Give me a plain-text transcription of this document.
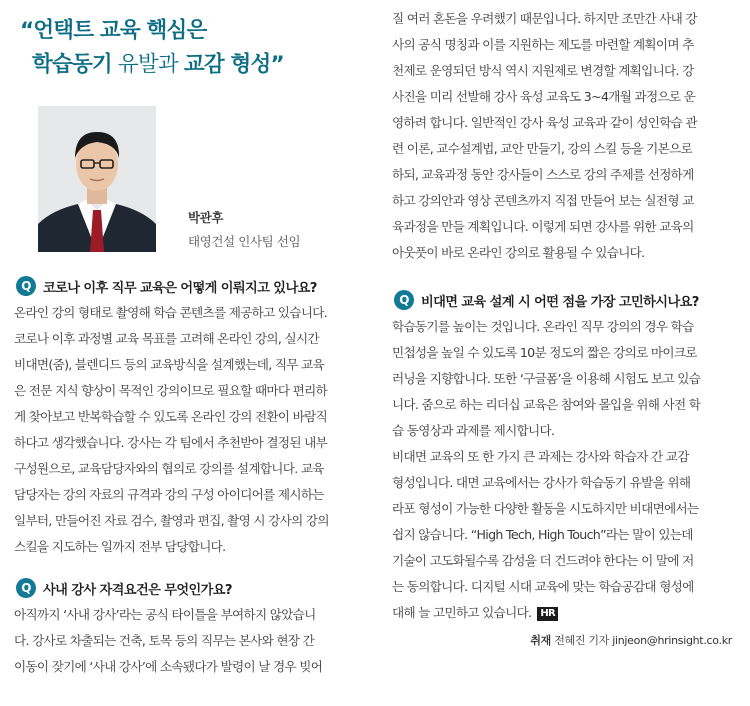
“언택트 교육 핵심은
학습동기 유발과 교감 형성”
박관후
태영건설 인사팀 선임
Q 코로나 이후 직무 교육은 어떻게 이뤄지고 있나요?
온라인 강의 형태로 촬영해 학습 콘텐츠를 제공하고 있습니다.
코로나 이후 과정별 교육 목표를 고려해 온라인 강의, 실시간
비대면(줌), 블렌디드 등의 교육방식을 설계했는데, 직무 교육
은 전문 지식 향상이 목적인 강의이므로 필요할 때마다 편리하
게 찾아보고 반복학습할 수 있도록 온라인 강의 전환이 바람직
하다고 생각했습니다. 강사는 각 팀에서 추천받아 결정된 내부
구성원으로, 교육담당자와의 협의로 강의를 설계합니다. 교육
담당자는 강의 자료의 규격과 강의 구성 아이디어를 제시하는
일부터, 만들어진 자료 검수, 촬영과 편집, 촬영 시 강사의 강의
스킬을 지도하는 일까지 전부 담당합니다.
Q 사내 강사 자격요건은 무엇인가요?
아직까지 ‘사내 강사’라는 공식 타이틀을 부여하지 않았습니
다. 강사로 차출되는 건축, 토목 등의 직무는 본사와 현장 간
이동이 잦기에 ‘사내 강사’에 소속됐다가 발령이 날 경우 빚어
질 여러 혼돈을 우려했기 때문입니다. 하지만 조만간 사내 강
사의 공식 명칭과 이를 지원하는 제도를 마련할 계획이며 추
천제로 운영되던 방식 역시 지원제로 변경할 계획입니다. 강
사진을 미리 선발해 강사 육성 교육도 3~4개월 과정으로 운
영하려 합니다. 일반적인 강사 육성 교육과 같이 성인학습 관
련 이론, 교수설계법, 교안 만들기, 강의 스킬 등을 기본으로
하되, 교육과정 동안 강사들이 스스로 강의 주제를 선정하게
하고 강의안과 영상 콘텐츠까지 직접 만들어 보는 실전형 교
육과정을 만들 계획입니다. 이렇게 되면 강사를 위한 교육의
아웃풋이 바로 온라인 강의로 활용될 수 있습니다.
Q 비대면 교육 설계 시 어떤 점을 가장 고민하시나요?
학습동기를 높이는 것입니다. 온라인 직무 강의의 경우 학습
민첩성을 높일 수 있도록 10분 정도의 짧은 강의로 마이크로
러닝을 지향합니다. 또한 ‘구글폼’을 이용해 시험도 보고 있습
니다. 줌으로 하는 리더십 교육은 참여와 몰입을 위해 사전 학
습 동영상과 과제를 제시합니다.
비대면 교육의 또 한 가지 큰 과제는 강사와 학습자 간 교감
형성입니다. 대면 교육에서는 강사가 학습동기 유발을 위해
라포 형성이 가능한 다양한 활동을 시도하지만 비대면에서는
쉽지 않습니다. “High Tech, High Touch”라는 말이 있는데
기술이 고도화될수록 감성을 더 건드려야 한다는 이 말에 저
는 동의합니다. 디지털 시대 교육에 맞는 학습공감대 형성에
대해 늘 고민하고 있습니다. HR
취재 전혜진 기자 jinjeon@hrinsight.co.kr
